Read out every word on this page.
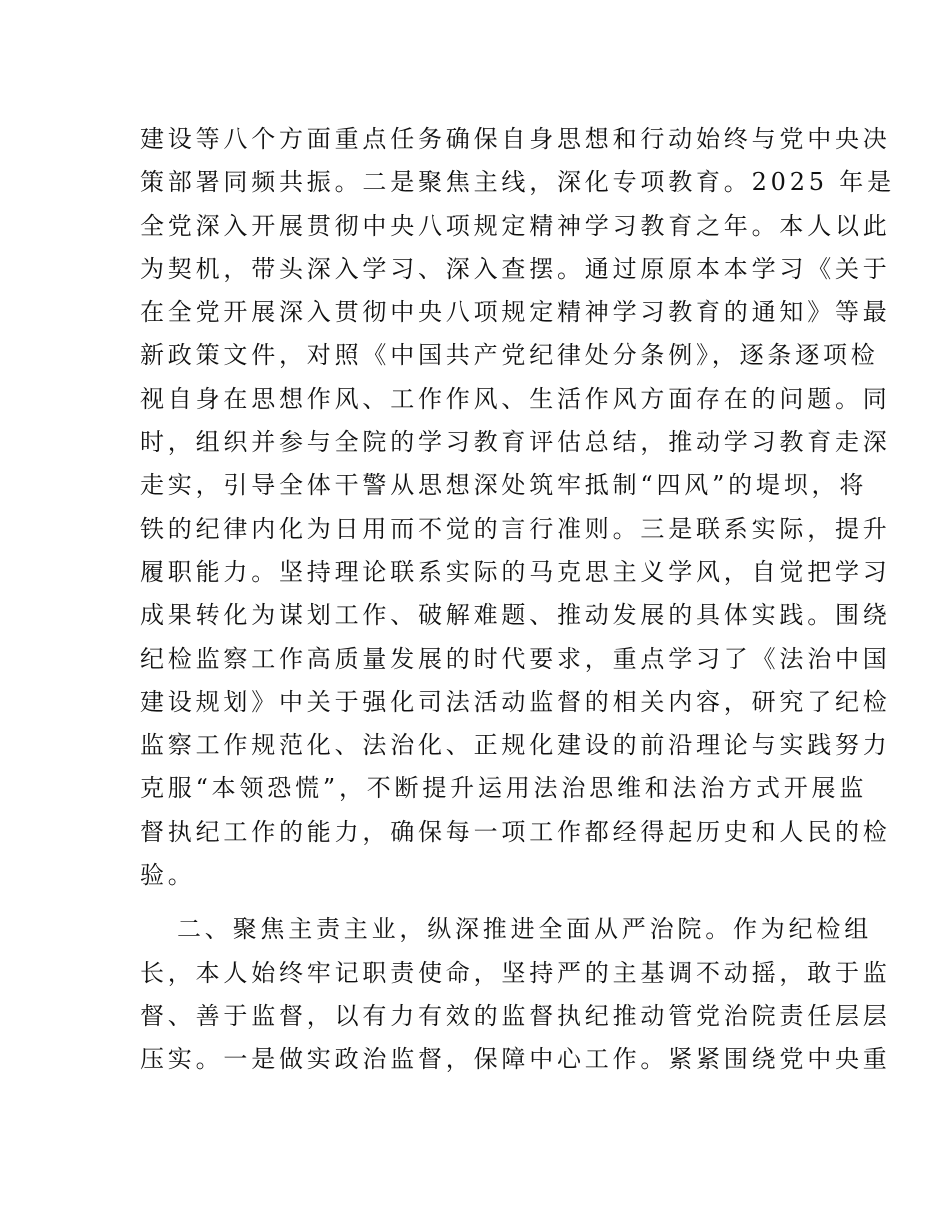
建设等八个方面重点任务确保自身思想和行动始终与党中央决
策部署同频共振。二是聚焦主线，深化专项教育。2025 年是
全党深入开展贯彻中央八项规定精神学习教育之年。本人以此
为契机，带头深入学习、深入查摆。通过原原本本学习《关于
在全党开展深入贯彻中央八项规定精神学习教育的通知》等最
新政策文件，对照《中国共产党纪律处分条例》，逐条逐项检
视自身在思想作风、工作作风、生活作风方面存在的问题。同
时，组织并参与全院的学习教育评估总结，推动学习教育走深
走实，引导全体干警从思想深处筑牢抵制“四风”的堤坝，将
铁的纪律内化为日用而不觉的言行准则。三是联系实际，提升
履职能力。坚持理论联系实际的马克思主义学风，自觉把学习
成果转化为谋划工作、破解难题、推动发展的具体实践。围绕
纪检监察工作高质量发展的时代要求，重点学习了《法治中国
建设规划》中关于强化司法活动监督的相关内容，研究了纪检
监察工作规范化、法治化、正规化建设的前沿理论与实践努力
克服“本领恐慌”，不断提升运用法治思维和法治方式开展监
督执纪工作的能力，确保每一项工作都经得起历史和人民的检
验。
二、聚焦主责主业，纵深推进全面从严治院。作为纪检组
长，本人始终牢记职责使命，坚持严的主基调不动摇，敢于监
督、善于监督，以有力有效的监督执纪推动管党治院责任层层
压实。一是做实政治监督，保障中心工作。紧紧围绕党中央重
